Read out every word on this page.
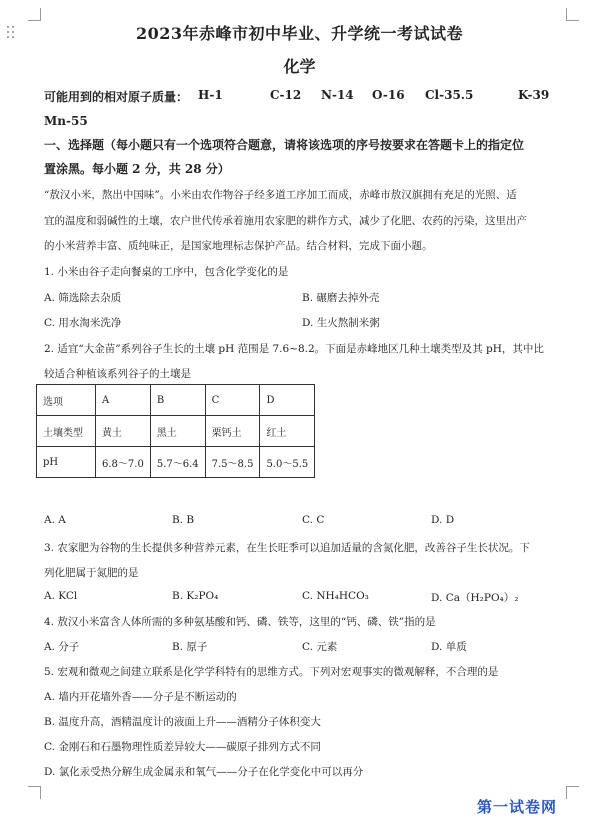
2023年赤峰市初中毕业、升学统一考试试卷
化学
可能用到的相对原子质量： H-1	C-12 N-14 O-16 Cl-35.5	K-39
Mn-55
一、选择题（每小题只有一个选项符合题意，请将该选项的序号按要求在答题卡上的指定位
置涂黑。每小题 2 分，共 28 分）
“敖汉小米，熬出中国味”。小米由农作物谷子经多道工序加工而成，赤峰市敖汉旗拥有充足的光照、适
宜的温度和弱碱性的土壤，农户世代传承着施用农家肥的耕作方式，减少了化肥、农药的污染，这里出产
的小米营养丰富、质纯味正，是国家地理标志保护产品。结合材料，完成下面小题。
1. 小米由谷子走向餐桌的工序中，包含化学变化的是
A. 筛选除去杂质	B. 碾磨去掉外壳
C. 用水淘米洗净	D. 生火熬制米粥
2. 适宜“大金苗”系列谷子生长的土壤 pH 范围是 7.6~8.2。下面是赤峰地区几种土壤类型及其 pH，其中比
较适合种植该系列谷子的土壤是
选项	A	B	C	D
土壤类型	黄土	黑土	栗钙土	红土
pH	6.8～7.0	5.7～6.4	7.5～8.5	5.0～5.5
A. A	B. B	C. C	D. D
3. 农家肥为谷物的生长提供多种营养元素，在生长旺季可以追加适量的含氮化肥，改善谷子生长状况。下
列化肥属于氮肥的是
A. KCl	B. K₂PO₄	C. NH₄HCO₃	D. Ca（H₂PO₄）₂
4. 敖汉小米富含人体所需的多种氨基酸和钙、磷、铁等，这里的“钙、磷、铁”指的是
A. 分子	B. 原子	C. 元素	D. 单质
5. 宏观和微观之间建立联系是化学学科特有的思维方式。下列对宏观事实的微观解释，不合理的是
A. 墙内开花墙外香——分子是不断运动的
B. 温度升高，酒精温度计的液面上升——酒精分子体积变大
C. 金刚石和石墨物理性质差异较大——碳原子排列方式不同
D. 氯化汞受热分解生成金属汞和氧气——分子在化学变化中可以再分
第一试卷网
